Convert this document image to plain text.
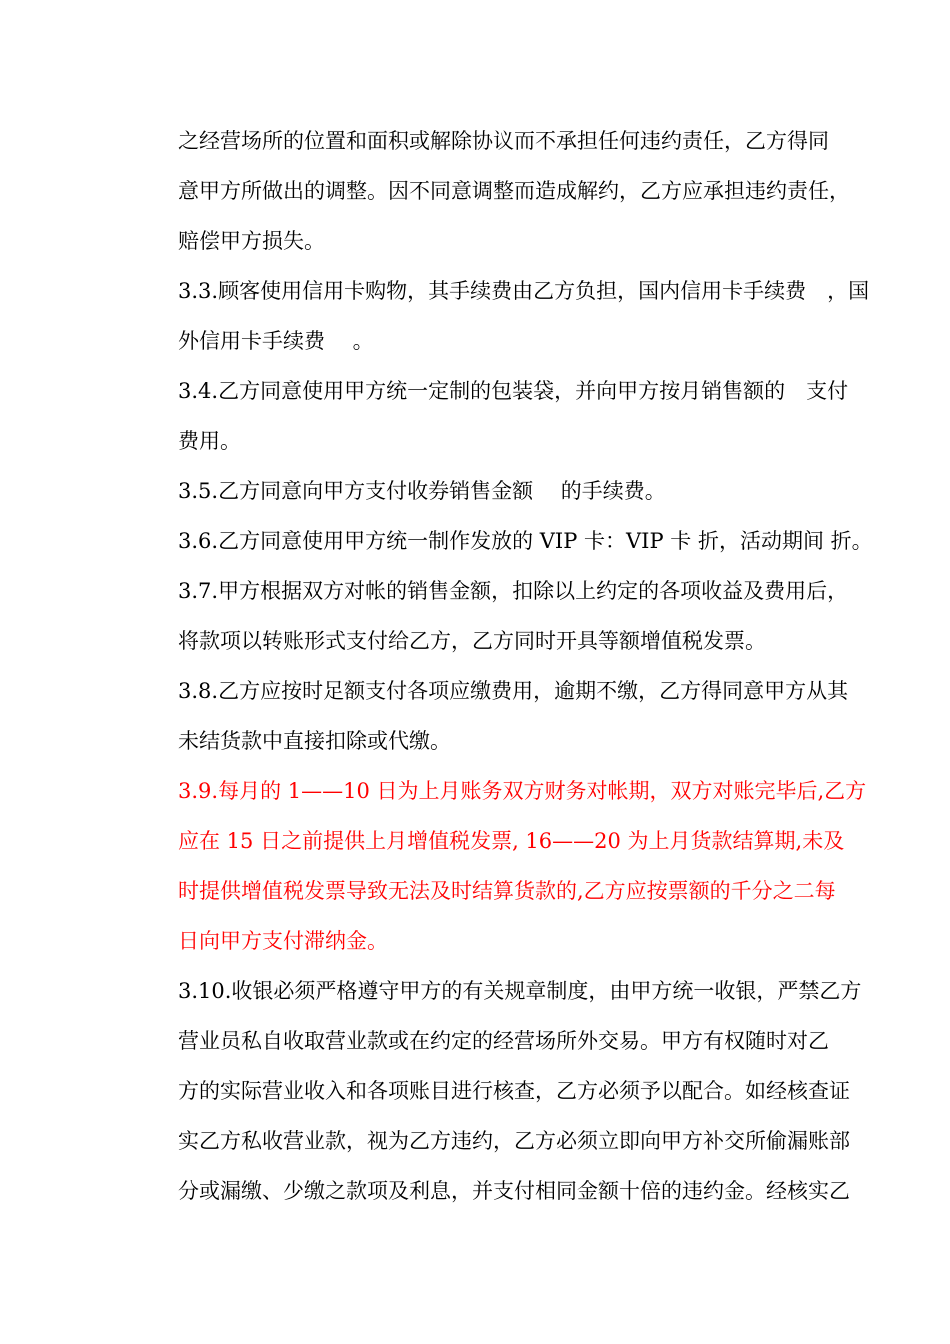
之经营场所的位置和面积或解除协议而不承担任何违约责任，乙方得同
意甲方所做出的调整。因不同意调整而造成解约，乙方应承担违约责任，
赔偿甲方损失。

3.3.顾客使用信用卡购物，其手续费由乙方负担，国内信用卡手续费　，国
外信用卡手续费　 。

3.4.乙方同意使用甲方统一定制的包装袋，并向甲方按月销售额的　支付
费用。

3.5.乙方同意向甲方支付收券销售金额　 的手续费。

3.6.乙方同意使用甲方统一制作发放的 VIP 卡：VIP 卡 折，活动期间 折。

3.7.甲方根据双方对帐的销售金额，扣除以上约定的各项收益及费用后，
将款项以转账形式支付给乙方，乙方同时开具等额增值税发票。

3.8.乙方应按时足额支付各项应缴费用，逾期不缴，乙方得同意甲方从其
未结货款中直接扣除或代缴。

3.9.每月的 1——10 日为上月账务双方财务对帐期，双方对账完毕后,乙方
应在 15 日之前提供上月增值税发票, 16——20 为上月货款结算期,未及
时提供增值税发票导致无法及时结算货款的,乙方应按票额的千分之二每
日向甲方支付滞纳金。

3.10.收银必须严格遵守甲方的有关规章制度，由甲方统一收银，严禁乙方
营业员私自收取营业款或在约定的经营场所外交易。甲方有权随时对乙
方的实际营业收入和各项账目进行核查，乙方必须予以配合。如经核查证
实乙方私收营业款，视为乙方违约，乙方必须立即向甲方补交所偷漏账部
分或漏缴、少缴之款项及利息，并支付相同金额十倍的违约金。经核实乙
